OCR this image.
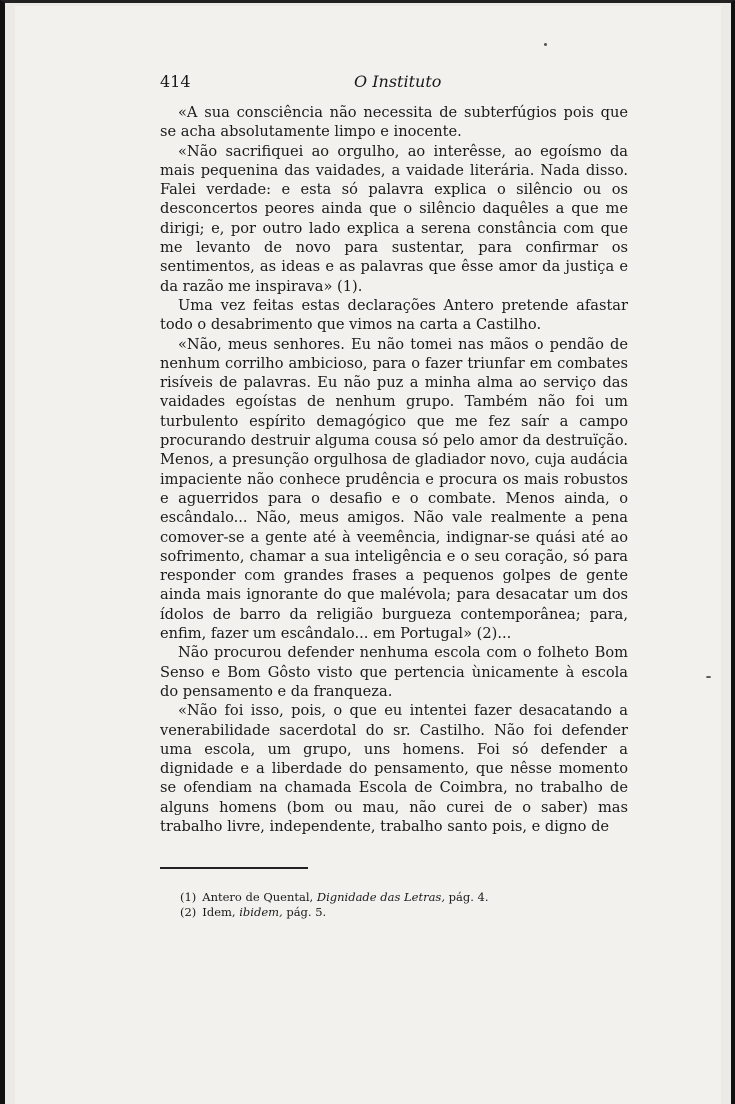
414	O Instituto

«A sua consciência não necessita de subterfúgios pois que se acha absolutamente limpo e inocente.

«Não sacrifiquei ao orgulho, ao interêsse, ao egoísmo da mais pequenina das vaidades, a vaidade literária. Nada disso. Falei verdade: e esta só palavra explica o silêncio ou os desconcertos peores ainda que o silêncio daquêles a que me dirigi; e, por outro lado explica a serena constância com que me levanto de novo para sustentar, para confirmar os sentimentos, as ideas e as palavras que êsse amor da justiça e da razão me inspirava» (1).

Uma vez feitas estas declarações Antero pretende afastar todo o desabrimento que vimos na carta a Castilho.

«Não, meus senhores. Eu não tomei nas mãos o pendão de nenhum corrilho ambicioso, para o fazer triunfar em combates risíveis de palavras. Eu não puz a minha alma ao serviço das vaidades egoístas de nenhum grupo. Também não foi um turbulento espírito demagógico que me fez saír a campo procurando destruir alguma cousa só pelo amor da destruïção. Menos, a presunção orgulhosa de gladiador novo, cuja audácia impaciente não conhece prudência e procura os mais robustos e aguerridos para o desafio e o combate. Menos ainda, o escândalo... Não, meus amigos. Não vale realmente a pena comover-se a gente até à veemência, indignar-se quási até ao sofrimento, chamar a sua inteligência e o seu coração, só para responder com grandes frases a pequenos golpes de gente ainda mais ignorante do que malévola; para desacatar um dos ídolos de barro da religião burgueza contemporânea; para, enfim, fazer um escândalo... em Portugal» (2)...

Não procurou defender nenhuma escola com o folheto Bom Senso e Bom Gôsto visto que pertencia ùnicamente à escola do pensamento e da franqueza.

«Não foi isso, pois, o que eu intentei fazer desacatando a venerabilidade sacerdotal do sr. Castilho. Não foi defender uma escola, um grupo, uns homens. Foi só defender a dignidade e a liberdade do pensamento, que nêsse momento se ofendiam na chamada Escola de Coimbra, no trabalho de alguns homens (bom ou mau, não curei de o saber) mas trabalho livre, independente, trabalho santo pois, e digno de

(1) Antero de Quental, Dignidade das Letras, pág. 4.
(2) Idem, ibidem, pág. 5.
